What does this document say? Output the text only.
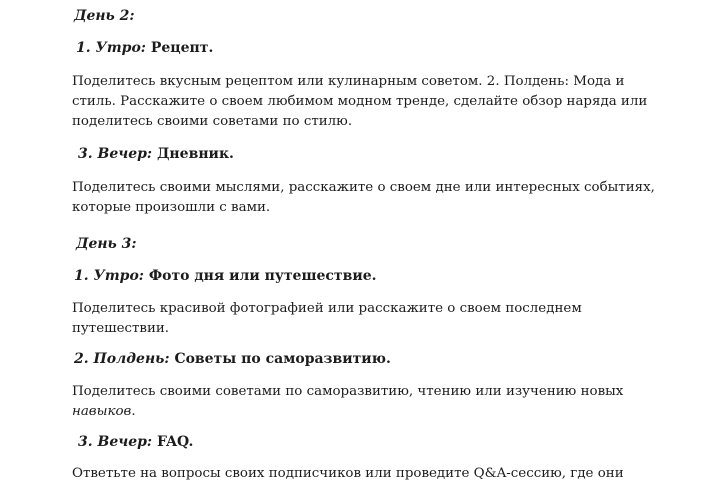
День 2:
1. Утро: Рецепт.
Поделитесь вкусным рецептом или кулинарным советом. 2. Полдень: Мода и
стиль. Расскажите о своем любимом модном тренде, сделайте обзор наряда или
поделитесь своими советами по стилю.
3. Вечер: Дневник.
Поделитесь своими мыслями, расскажите о своем дне или интересных событиях,
которые произошли с вами.
День 3:
1. Утро: Фото дня или путешествие.
Поделитесь красивой фотографией или расскажите о своем последнем
путешествии.
2. Полдень: Советы по саморазвитию.
Поделитесь своими советами по саморазвитию, чтению или изучению новых
навыков.
3. Вечер: FAQ.
Ответьте на вопросы своих подписчиков или проведите Q&A-сессию, где они
